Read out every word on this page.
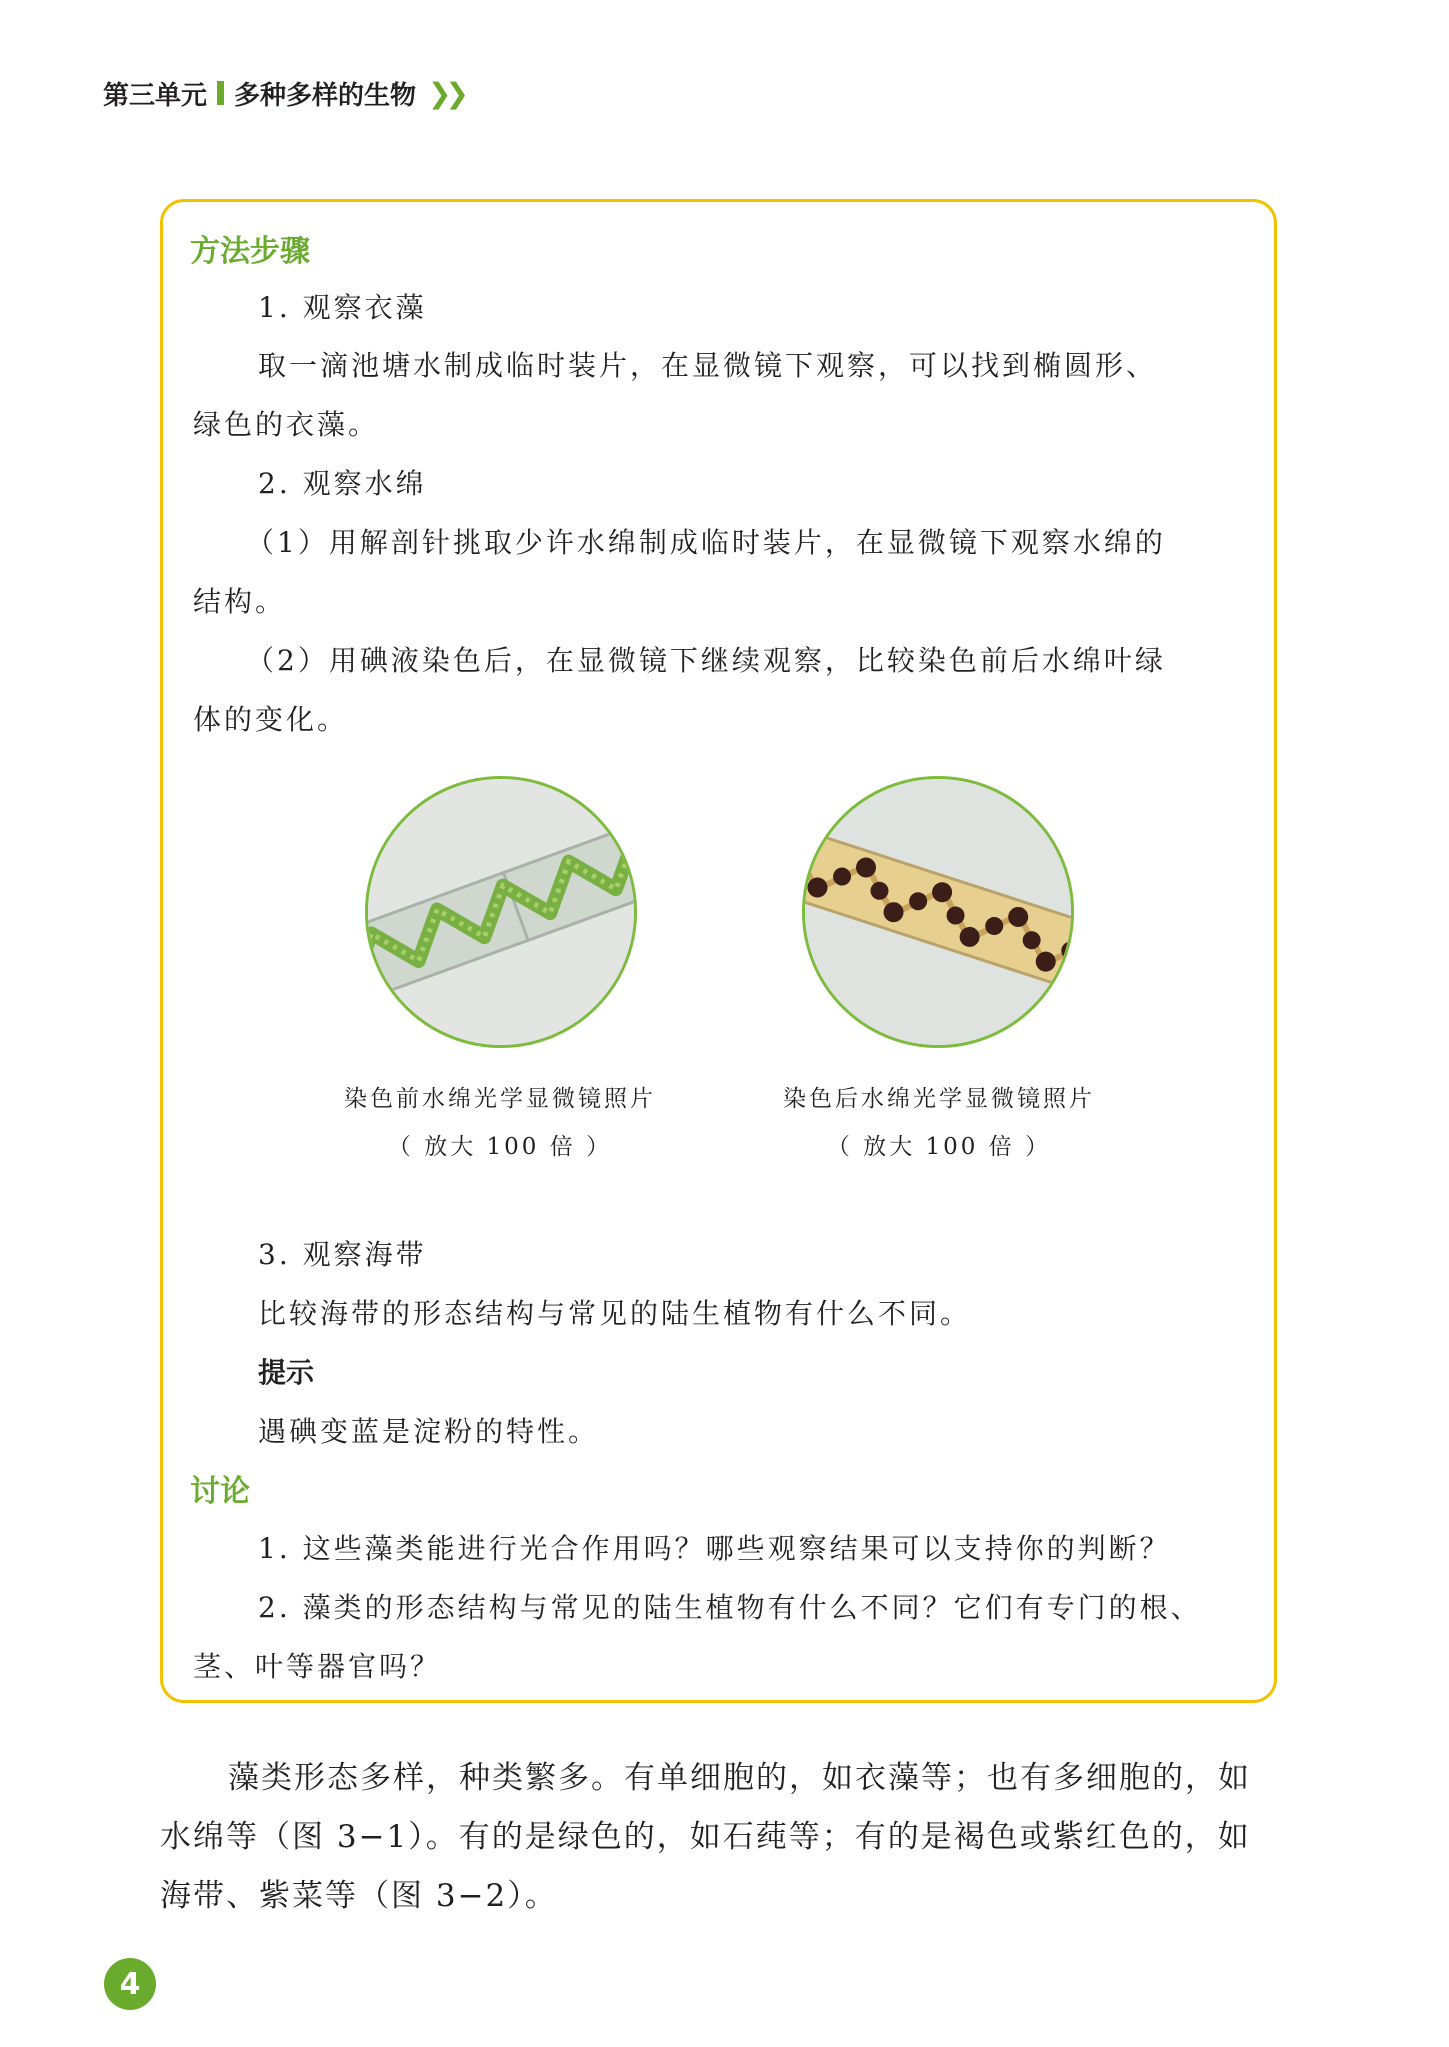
第三单元 多种多样的生物 ❯❯
方法步骤
1. 观察衣藻
取一滴池塘水制成临时装片，在显微镜下观察，可以找到椭圆形、
绿色的衣藻。
2. 观察水绵
（1）用解剖针挑取少许水绵制成临时装片，在显微镜下观察水绵的
结构。
（2）用碘液染色后，在显微镜下继续观察，比较染色前后水绵叶绿
体的变化。
染色前水绵光学显微镜照片
（ 放大 100 倍 ）
染色后水绵光学显微镜照片
（ 放大 100 倍 ）
3. 观察海带
比较海带的形态结构与常见的陆生植物有什么不同。
提示
遇碘变蓝是淀粉的特性。
讨论
1. 这些藻类能进行光合作用吗？哪些观察结果可以支持你的判断？
2. 藻类的形态结构与常见的陆生植物有什么不同？它们有专门的根、
茎、叶等器官吗？
藻类形态多样，种类繁多。有单细胞的，如衣藻等；也有多细胞的，如
水绵等（图 3−1）。有的是绿色的，如石莼等；有的是褐色或紫红色的，如
海带、紫菜等（图 3−2）。
4
